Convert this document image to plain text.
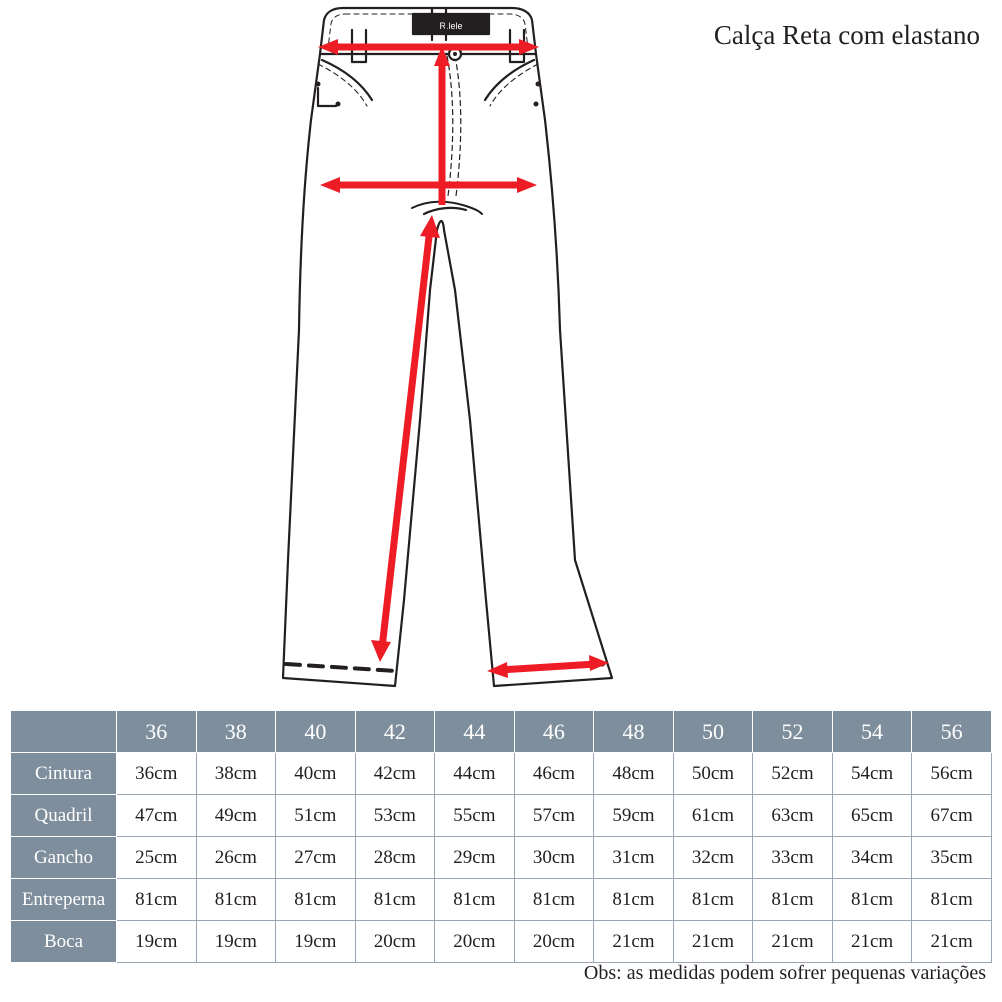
Calça Reta com elastano
R.lele
	36	38	40	42	44	46	48	50	52	54	56
Cintura	36cm	38cm	40cm	42cm	44cm	46cm	48cm	50cm	52cm	54cm	56cm
Quadril	47cm	49cm	51cm	53cm	55cm	57cm	59cm	61cm	63cm	65cm	67cm
Gancho	25cm	26cm	27cm	28cm	29cm	30cm	31cm	32cm	33cm	34cm	35cm
Entreperna	81cm	81cm	81cm	81cm	81cm	81cm	81cm	81cm	81cm	81cm	81cm
Boca	19cm	19cm	19cm	20cm	20cm	20cm	21cm	21cm	21cm	21cm	21cm
Obs: as medidas podem sofrer pequenas variações
